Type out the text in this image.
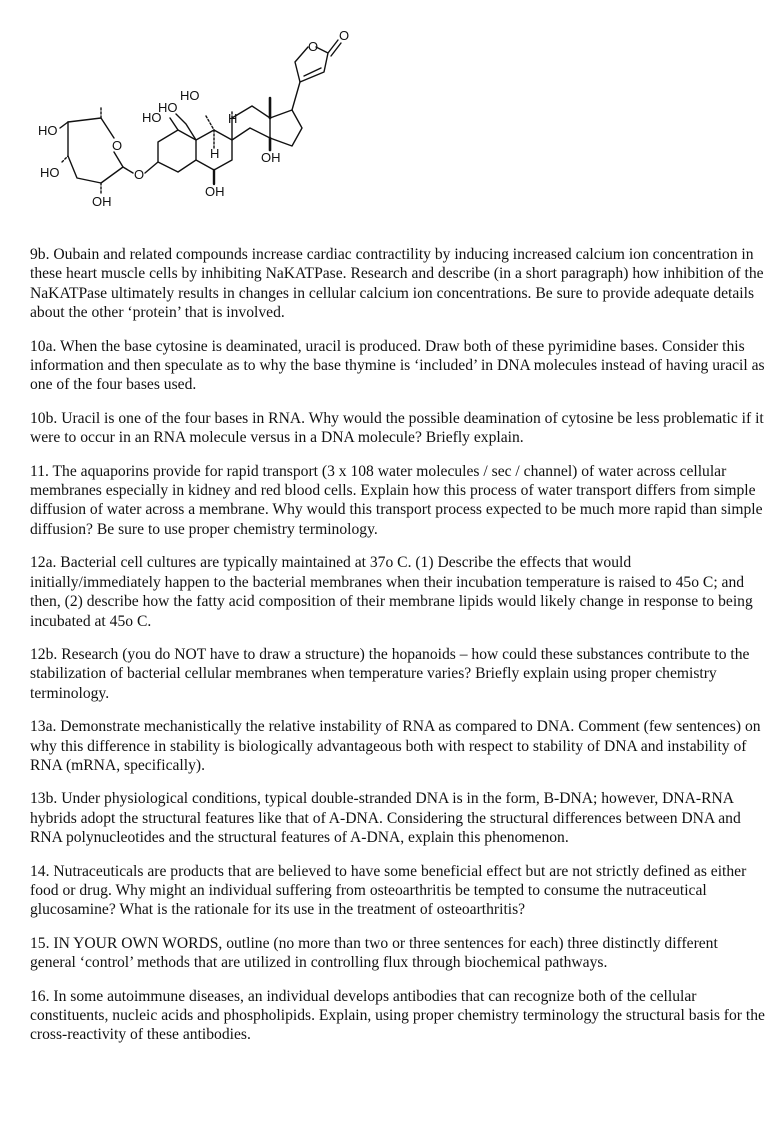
HO
HO
OH
O
O
HO
HO
HO
H
H
OH
OH
O
O

9b. Oubain and related compounds increase cardiac contractility by inducing increased calcium ion concentration in these heart muscle cells by inhibiting NaKATPase. Research and describe (in a short paragraph) how inhibition of the NaKATPase ultimately results in changes in cellular calcium ion concentrations. Be sure to provide adequate details about the other ‘protein’ that is involved.

10a. When the base cytosine is deaminated, uracil is produced. Draw both of these pyrimidine bases. Consider this information and then speculate as to why the base thymine is ‘included’ in DNA molecules instead of having uracil as one of the four bases used.

10b. Uracil is one of the four bases in RNA. Why would the possible deamination of cytosine be less problematic if it were to occur in an RNA molecule versus in a DNA molecule? Briefly explain.

11. The aquaporins provide for rapid transport (3 x 108 water molecules / sec / channel) of water across cellular membranes especially in kidney and red blood cells. Explain how this process of water transport differs from simple diffusion of water across a membrane. Why would this transport process expected to be much more rapid than simple diffusion? Be sure to use proper chemistry terminology.

12a. Bacterial cell cultures are typically maintained at 37o C. (1) Describe the effects that would initially/immediately happen to the bacterial membranes when their incubation temperature is raised to 45o C; and then, (2) describe how the fatty acid composition of their membrane lipids would likely change in response to being incubated at 45o C.

12b. Research (you do NOT have to draw a structure) the hopanoids – how could these substances contribute to the stabilization of bacterial cellular membranes when temperature varies? Briefly explain using proper chemistry terminology.

13a. Demonstrate mechanistically the relative instability of RNA as compared to DNA. Comment (few sentences) on why this difference in stability is biologically advantageous both with respect to stability of DNA and instability of RNA (mRNA, specifically).

13b. Under physiological conditions, typical double-stranded DNA is in the form, B-DNA; however, DNA-RNA hybrids adopt the structural features like that of A-DNA. Considering the structural differences between DNA and RNA polynucleotides and the structural features of A-DNA, explain this phenomenon.

14. Nutraceuticals are products that are believed to have some beneficial effect but are not strictly defined as either food or drug. Why might an individual suffering from osteoarthritis be tempted to consume the nutraceutical glucosamine? What is the rationale for its use in the treatment of osteoarthritis?

15. IN YOUR OWN WORDS, outline (no more than two or three sentences for each) three distinctly different general ‘control’ methods that are utilized in controlling flux through biochemical pathways.

16. In some autoimmune diseases, an individual develops antibodies that can recognize both of the cellular constituents, nucleic acids and phospholipids. Explain, using proper chemistry terminology the structural basis for the cross-reactivity of these antibodies.
